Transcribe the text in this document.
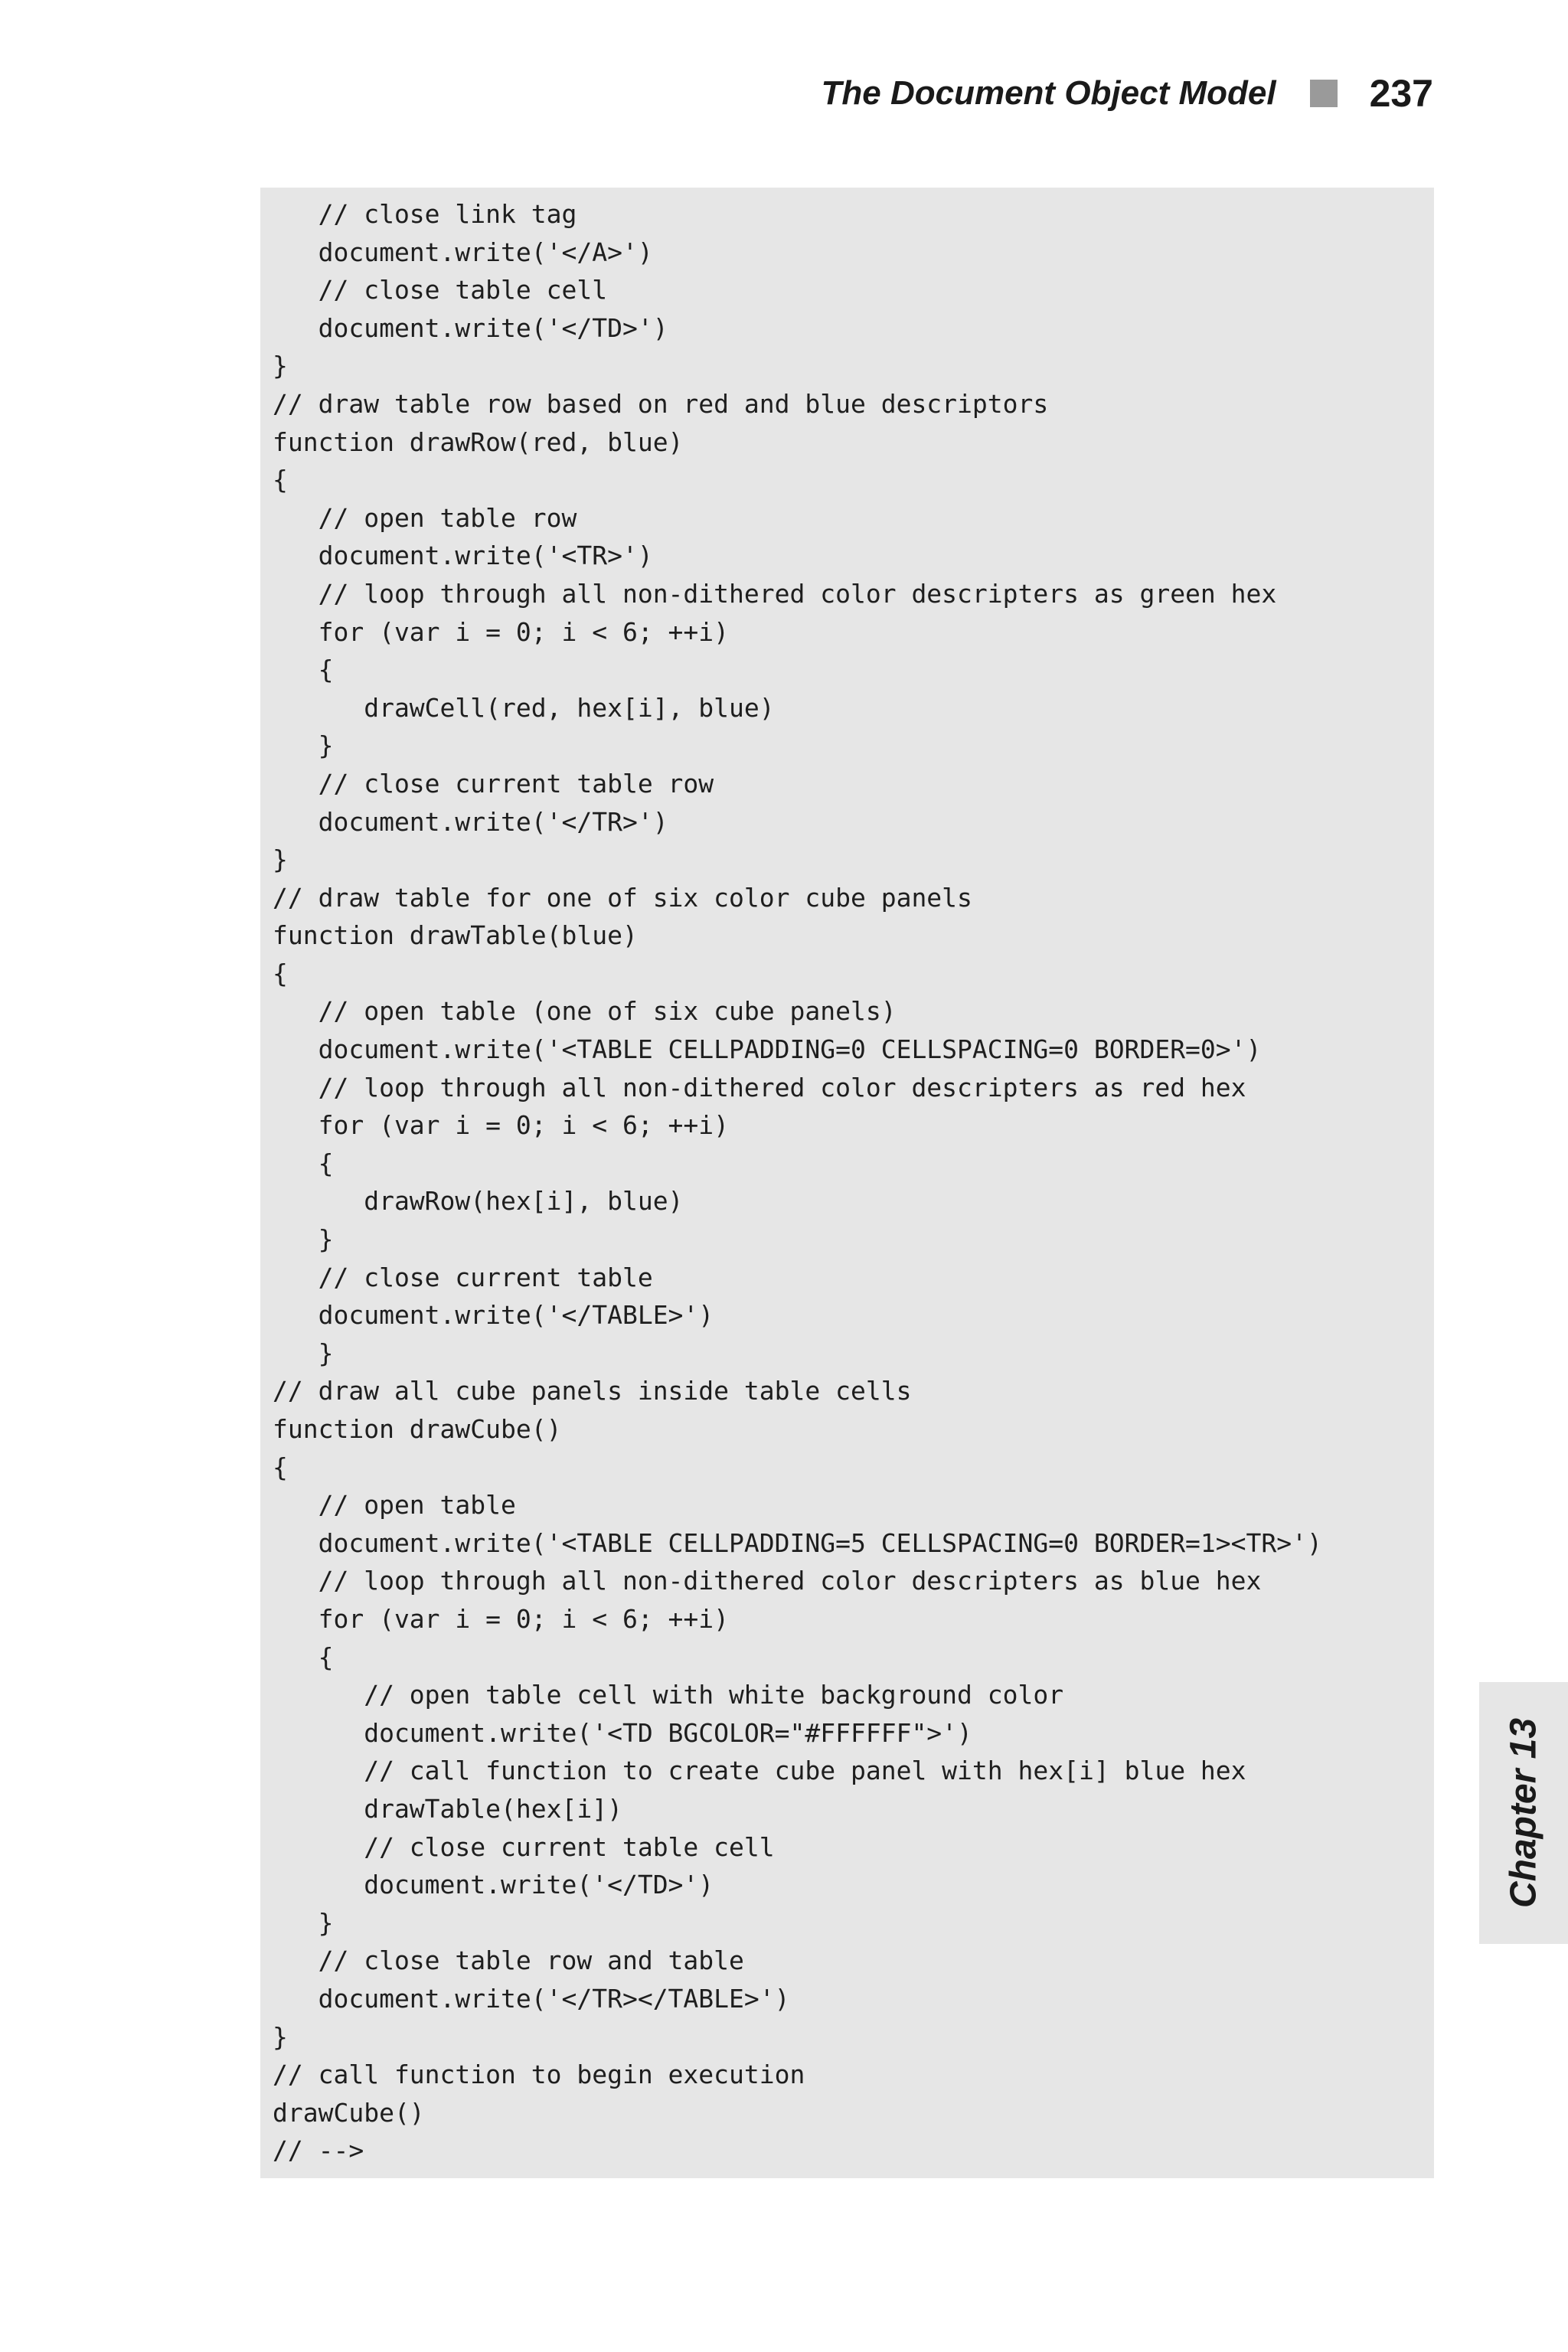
The Document Object Model 237
// close link tag
document.write('</A>')
// close table cell
document.write('</TD>')
}
// draw table row based on red and blue descriptors
function drawRow(red, blue)
{
// open table row
document.write('<TR>')
// loop through all non-dithered color descripters as green hex
for (var i = 0; i < 6; ++i)
{
drawCell(red, hex[i], blue)
}
// close current table row
document.write('</TR>')
}
// draw table for one of six color cube panels
function drawTable(blue)
{
// open table (one of six cube panels)
document.write('<TABLE CELLPADDING=0 CELLSPACING=0 BORDER=0>')
// loop through all non-dithered color descripters as red hex
for (var i = 0; i < 6; ++i)
{
drawRow(hex[i], blue)
}
// close current table
document.write('</TABLE>')
}
// draw all cube panels inside table cells
function drawCube()
{
// open table
document.write('<TABLE CELLPADDING=5 CELLSPACING=0 BORDER=1><TR>')
// loop through all non-dithered color descripters as blue hex
for (var i = 0; i < 6; ++i)
{
// open table cell with white background color
document.write('<TD BGCOLOR="#FFFFFF">')
// call function to create cube panel with hex[i] blue hex
drawTable(hex[i])
// close current table cell
document.write('</TD>')
}
// close table row and table
document.write('</TR></TABLE>')
}
// call function to begin execution
drawCube()
// -->
Chapter 13
